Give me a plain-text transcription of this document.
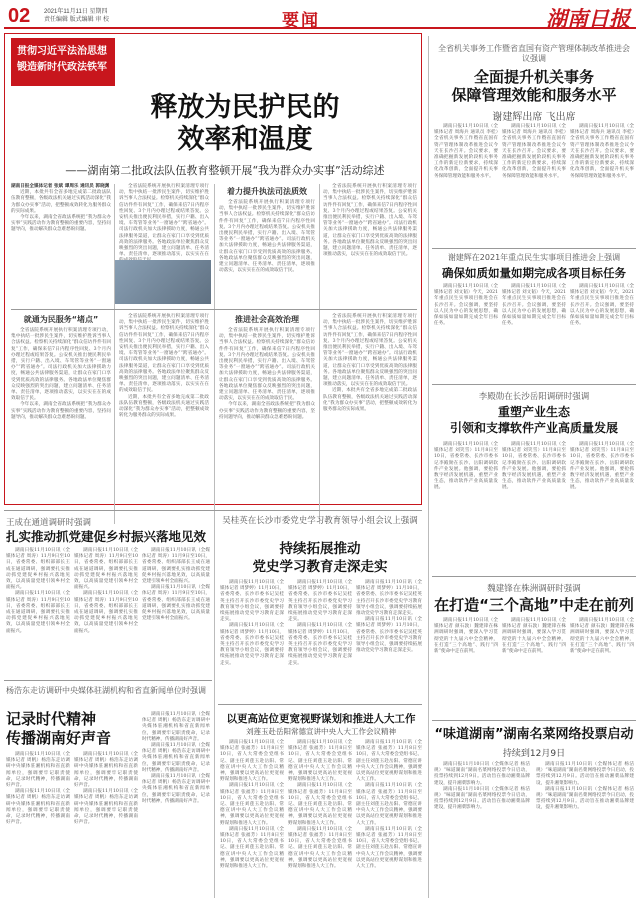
02 2021年11月11日 星期四
责任编辑 版式编辑 审 校	要闻	湖南日报
贯彻习近平法治思想
锻造新时代政法铁军
释放为民护民的
效率和温度
——湖南第二批政法队伍教育整顿开展“我为群众办实事”活动综述

湖南日报全媒体记者 张斌 谭周乐 通讯员 郭晓渊

近期，本批共有全省多地完成第二批政法队伍教育整顿，各级政法机关通过实践活动深化“我为群众办实事”活动，把整顿成效转化为服务群众的实际成果。

今年以来，湖南全省政法系统把“我为群众办实事”实践活动作为教育整顿的重要内容，坚持问题导向，推动解决群众急难愁盼问题。

全省法院系统开展执行积案清理专项行动，集中执结一批涉民生案件，切实维护胜诉当事人合法权益。检察机关持续深化“群众信访件件有回复”工作，确保来信7日内程序性回复、3个月内办理过程或结果答复。公安机关推出便民利民举措，实行户籍、出入境、车驾管等业务“一窗通办”“跨省通办”。司法行政机关加大法律援助力度，畅通公共法律服务渠道，让群众在家门口享受到优质高效的法律服务。各地政法单位聚焦群众反映强烈的突出问题，建立问题清单、任务清单、责任清单，逐项推动落实，以实实在在

着力提升执法司法质效

全省法院系统开展执行积案清理专项行动，集中执结一批涉民生案件，切实维护胜诉当事人合法权益。检察机关持续深化“群众信访件件有回复”工作，确保来信7日内程序性回复、3个月内办理过程或结果答复。公安机关推出便民利民举措，实行户籍、出入境、车驾管等业务“一窗通办”“跨省通办”。司法行政机关加大法律援助力度，畅通公共法律服务渠道，让群众在家门口享受到优质高效的法律服务。各地政法单位聚焦群众反映强烈的突出问题，建立问题清单、任务清单、责任清单，逐项推动落实，以实实在在的成效取信于民。

全省法院系统开展执行积案清理专项行动，集中执结一批涉民生案件，切实维护胜诉当事人合法权益。检察机关持续深化“群众信访件件有回复”工作，确保来信7日内程序性回复、3个月内办理过程或结果答复。公安机关推出便民利民举措，实行户籍、出入境、车驾管等业务“一窗通办”“跨省通办”。司法行政机关加大法律援助力度，畅通公共法律服务渠道，让群众在家门口享受到优质高效的法律服务。各地政法单位聚焦群众反映强烈的突出问题，建立问题清单、任务清单、责任清单，逐项推动落实，以实实在在的成效取信于民。

就通为民服务“堵点”	推进社会高效治理

全省法院系统开展执行积案清理专项行动，集中执结一批涉民生案件，切实维护胜诉当事人合法权益。检察机关持续深化“群众信访件件有回复”工作，确保来信7日内程序性回复、3个月内办理过程或结果答复。公安机关推出便民利民举措，实行户籍、出入境、车驾管等业务“一窗通办”“跨省通办”。司法行政机关加大法律援助力度，畅通公共法律服务渠道，让群众在家门口享受到优质高效的法律服务。各地政法单位聚焦群众反映强烈的突出问题，建立问题清单、任务清单、责任清单，逐项推动落实，以实实在在的成效取信于民。

今年以来，湖南全省政法系统把“我为群众办实事”实践活动作为教育整顿的重要内容，坚持问题导向，推动解决群众急难愁盼问题。

全省法院系统开展执行积案清理专项行动，集中执结一批涉民生案件，切实维护胜诉当事人合法权益。检察机关持续深化“群众信访件件有回复”工作，确保来信7日内程序性回复、3个月内办理过程或结果答复。公安机关推出便民利民举措，实行户籍、出入境、车驾管等业务“一窗通办”“跨省通办”。司法行政机关加大法律援助力度，畅通公共法律服务渠道，让群众在家门口享受到优质高效的法律服务。各地政法单位聚焦群众反映强烈的突出问题，建立问题清单、任务清单、责任清单，逐项推动落实，以实实在在的成效取信于民。

近期，本批共有全省多地完成第二批政法队伍教育整顿，各级政法机关通过实践活动深化“我为群众办实事”活动，把整顿成效转化为服务群众的实际成果。

全省法院系统开展执行积案清理专项行动，集中执结一批涉民生案件，切实维护胜诉当事人合法权益。检察机关持续深化“群众信访件件有回复”工作，确保来信7日内程序性回复、3个月内办理过程或结果答复。公安机关推出便民利民举措，实行户籍、出入境、车驾管等业务“一窗通办”“跨省通办”。司法行政机关加大法律援助力度，畅通公共法律服务渠道，让群众在家门口享受到优质高效的法律服务。各地政法单位聚焦群众反映强烈的突出问题，建立问题清单、任务清单、责任清单，逐项推动落实，以实实在在的成效取信于民。

今年以来，湖南全省政法系统把“我为群众办实事”实践活动作为教育整顿的重要内容，坚持问题导向，推动解决群众急难愁盼问题。

全省法院系统开展执行积案清理专项行动，集中执结一批涉民生案件，切实维护胜诉当事人合法权益。检察机关持续深化“群众信访件件有回复”工作，确保来信7日内程序性回复、3个月内办理过程或结果答复。公安机关推出便民利民举措，实行户籍、出入境、车驾管等业务“一窗通办”“跨省通办”。司法行政机关加大法律援助力度，畅通公共法律服务渠道，让群众在家门口享受到优质高效的法律服务。各地政法单位聚焦群众反映强烈的突出问题，建立问题清单、任务清单、责任清单，逐项推动落实，以实实在在的成效取信于民。

近期，本批共有全省多地完成第二批政法队伍教育整顿，各级政法机关通过实践活动深化“我为群众办实事”活动，把整顿成效转化为服务群众的实际成果。

全省机关事务工作暨省直国有资产管理体制改革推进会议强调
全面提升机关事务
保障管理效能和服务水平
谢建辉出席 飞出席

湖南日报11月10日讯（全媒体记者 周海兵 通讯员 李桂）全省机关事务工作暨省直国有资产管理体制改革推进会议今天在长沙召开。会议要求，要准确把握新发展阶段机关事务工作的新定位新要求，持续深化改革创新，全面提升机关事务保障管理效能和服务水平。

湖南日报11月10日讯（全媒体记者 周海兵 通讯员 李桂）全省机关事务工作暨省直国有资产管理体制改革推进会议今天在长沙召开。会议要求，要准确把握新发展阶段机关事务工作的新定位新要求，持续深化改革创新，全面提升机关事务保障管理效能和服务水平。

湖南日报11月10日讯（全媒体记者 周海兵 通讯员 李桂）全省机关事务工作暨省直国有资产管理体制改革推进会议今天在长沙召开。会议要求，要准确把握新发展阶段机关事务工作的新定位新要求，持续深化改革创新，全面提升机关事务保障管理效能和服务水平。

谢建辉在2021年重点民生实事项目推进会上强调
确保如质如量如期完成各项目标任务

湖南日报11月10日讯（全媒体记者 刘文韬）今天，2021年重点民生实事项目推进会在长沙召开。会议强调，要坚持以人民为中心的发展思想，确保如质如量如期完成全年目标任务。

湖南日报11月10日讯（全媒体记者 刘文韬）今天，2021年重点民生实事项目推进会在长沙召开。会议强调，要坚持以人民为中心的发展思想，确保如质如量如期完成全年目标任务。

湖南日报11月10日讯（全媒体记者 刘文韬）今天，2021年重点民生实事项目推进会在长沙召开。会议强调，要坚持以人民为中心的发展思想，确保如质如量如期完成全年目标任务。

李殿勋在长沙岳阳调研时强调
重塑产业生态
引领和支撑软件产业高质量发展

湖南日报11月10日讯（全媒体记者 刘笑雪）11月8日至10日，省委常委、长沙市委书记李殿勋在长沙、岳阳调研软件产业发展。他强调，要抢抓数字经济发展机遇，重塑产业生态，推动软件产业高质量发展。

湖南日报11月10日讯（全媒体记者 刘笑雪）11月8日至10日，省委常委、长沙市委书记李殿勋在长沙、岳阳调研软件产业发展。他强调，要抢抓数字经济发展机遇，重塑产业生态，推动软件产业高质量发展。

湖南日报11月10日讯（全媒体记者 刘笑雪）11月8日至10日，省委常委、长沙市委书记李殿勋在长沙、岳阳调研软件产业发展。他强调，要抢抓数字经济发展机遇，重塑产业生态，推动软件产业高质量发展。

魏建锋在株洲调研时强调
在打造“三个高地”中走在前列

湖南日报11月10日讯（全媒体记者 颜石敦）魏建锋在株洲调研时强调，要深入学习贯彻党的十九届六中全会精神，在打造“三个高地”、践行“四新”使命中走在前列。

湖南日报11月10日讯（全媒体记者 颜石敦）魏建锋在株洲调研时强调，要深入学习贯彻党的十九届六中全会精神，在打造“三个高地”、践行“四新”使命中走在前列。

湖南日报11月10日讯（全媒体记者 颜石敦）魏建锋在株洲调研时强调，要深入学习贯彻党的十九届六中全会精神，在打造“三个高地”、践行“四新”使命中走在前列。

“味道湖南”湖南名菜网络投票启动
持续到12月9日

湖南日报11月10日讯（全媒体记者 杨洁规）“味道湖南”湖南名菜网络投票今日启动，投票持续到12月9日。活动旨在推动湘菜品牌建设，提升湘菜影响力。

湖南日报11月10日讯（全媒体记者 杨洁规）“味道湖南”湖南名菜网络投票今日启动，投票持续到12月9日。活动旨在推动湘菜品牌建设，提升湘菜影响力。

湖南日报11月10日讯（全媒体记者 杨洁规）“味道湖南”湖南名菜网络投票今日启动，投票持续到12月9日。活动旨在推动湘菜品牌建设，提升湘菜影响力。

湖南日报11月10日讯（全媒体记者 杨洁规）“味道湖南”湖南名菜网络投票今日启动，投票持续到12月9日。活动旨在推动湘菜品牌建设，提升湘菜影响力。

王成在通道调研时强调
扎实推动抓党建促乡村振兴落地见效

湖南日报11月10日讯（全媒体记者 周涛）11月9日至10日，省委常委、组织部部长王成在通道调研，强调要扎实推动抓党建促乡村振兴落地见效，以高质量党建引领乡村全面振兴。

湖南日报11月10日讯（全媒体记者 周涛）11月9日至10日，省委常委、组织部部长王成在通道调研，强调要扎实推动抓党建促乡村振兴落地见效，以高质量党建引领乡村全面振兴。

湖南日报11月10日讯（全媒体记者 周涛）11月9日至10日，省委常委、组织部部长王成在通道调研，强调要扎实推动抓党建促乡村振兴落地见效，以高质量党建引领乡村全面振兴。

湖南日报11月10日讯（全媒体记者 周涛）11月9日至10日，省委常委、组织部部长王成在通道调研，强调要扎实推动抓党建促乡村振兴落地见效，以高质量党建引领乡村全面振兴。

湖南日报11月10日讯（全媒体记者 周涛）11月9日至10日，省委常委、组织部部长王成在通道调研，强调要扎实推动抓党建促乡村振兴落地见效，以高质量党建引领乡村全面振兴。

湖南日报11月10日讯（全媒体记者 周涛）11月9日至10日，省委常委、组织部部长王成在通道调研，强调要扎实推动抓党建促乡村振兴落地见效，以高质量党建引领乡村全面振兴。

杨浩东走访调研中央媒体驻湖机构和省直新闻单位时强调
记录时代精神
传播湖南好声音

湖南日报11月10日讯（全媒体记者 周帆）杨浩东走访调研中央媒体驻湘机构和省直新闻单位，强调要牢记职责使命，记录时代精神，传播湖南好声音。

湖南日报11月10日讯（全媒体记者 周帆）杨浩东走访调研中央媒体驻湘机构和省直新闻单位，强调要牢记职责使命，记录时代精神，传播湖南好声音。

湖南日报11月10日讯（全媒体记者 周帆）杨浩东走访调研中央媒体驻湘机构和省直新闻单位，强调要牢记职责使命，记录时代精神，传播湖南好声音。

湖南日报11月10日讯（全媒体记者 周帆）杨浩东走访调研中央媒体驻湘机构和省直新闻单位，强调要牢记职责使命，记录时代精神，传播湖南好声音。

湖南日报11月10日讯（全媒体记者 周帆）杨浩东走访调研中央媒体驻湘机构和省直新闻单位，强调要牢记职责使命，记录时代精神，传播湖南好声音。

湖南日报11月10日讯（全媒体记者 周帆）杨浩东走访调研中央媒体驻湘机构和省直新闻单位，强调要牢记职责使命，记录时代精神，传播湖南好声音。

湖南日报11月10日讯（全媒体记者 周帆）杨浩东走访调研中央媒体驻湘机构和省直新闻单位，强调要牢记职责使命，记录时代精神，传播湖南好声音。

吴桂英在长沙市委党史学习教育领导小组会议上强调
持续拓展推动
党史学习教育走深走实

湖南日报11月10日讯（全媒体记者 周梦婷）11月10日，省委常委、长沙市委书记吴桂英主持召开长沙市委党史学习教育领导小组会议，强调要持续拓展推动党史学习教育走深走实。

湖南日报11月10日讯（全媒体记者 周梦婷）11月10日，省委常委、长沙市委书记吴桂英主持召开长沙市委党史学习教育领导小组会议，强调要持续拓展推动党史学习教育走深走实。

湖南日报11月10日讯（全媒体记者 周梦婷）11月10日，省委常委、长沙市委书记吴桂英主持召开长沙市委党史学习教育领导小组会议，强调要持续拓展推动党史学习教育走深走实。

湖南日报11月10日讯（全媒体记者 周梦婷）11月10日，省委常委、长沙市委书记吴桂英主持召开长沙市委党史学习教育领导小组会议，强调要持续拓展推动党史学习教育走深走实。

湖南日报11月10日讯（全媒体记者 周梦婷）11月10日，省委常委、长沙市委书记吴桂英主持召开长沙市委党史学习教育领导小组会议，强调要持续拓展推动党史学习教育走深走实。

湖南日报11月10日讯（全媒体记者 周梦婷）11月10日，省委常委、长沙市委书记吴桂英主持召开长沙市委党史学习教育领导小组会议，强调要持续拓展推动党史学习教育走深走实。

以更高站位更宽视野谋划和推进人大工作
刘莲玉赴岳阳常德宣讲中央人大工作会议精神

湖南日报11月10日讯（全媒体记者 张福芳）11月8日至10日，省人大常委会党组书记、副主任刘莲玉赴岳阳、常德宣讲中央人大工作会议精神，强调要以更高站位更宽视野谋划和推进人大工作。

湖南日报11月10日讯（全媒体记者 张福芳）11月8日至10日，省人大常委会党组书记、副主任刘莲玉赴岳阳、常德宣讲中央人大工作会议精神，强调要以更高站位更宽视野谋划和推进人大工作。

湖南日报11月10日讯（全媒体记者 张福芳）11月8日至10日，省人大常委会党组书记、副主任刘莲玉赴岳阳、常德宣讲中央人大工作会议精神，强调要以更高站位更宽视野谋划和推进人大工作。

湖南日报11月10日讯（全媒体记者 张福芳）11月8日至10日，省人大常委会党组书记、副主任刘莲玉赴岳阳、常德宣讲中央人大工作会议精神，强调要以更高站位更宽视野谋划和推进人大工作。

湖南日报11月10日讯（全媒体记者 张福芳）11月8日至10日，省人大常委会党组书记、副主任刘莲玉赴岳阳、常德宣讲中央人大工作会议精神，强调要以更高站位更宽视野谋划和推进人大工作。

湖南日报11月10日讯（全媒体记者 张福芳）11月8日至10日，省人大常委会党组书记、副主任刘莲玉赴岳阳、常德宣讲中央人大工作会议精神，强调要以更高站位更宽视野谋划和推进人大工作。

湖南日报11月10日讯（全媒体记者 张福芳）11月8日至10日，省人大常委会党组书记、副主任刘莲玉赴岳阳、常德宣讲中央人大工作会议精神，强调要以更高站位更宽视野谋划和推进人大工作。

湖南日报11月10日讯（全媒体记者 张福芳）11月8日至10日，省人大常委会党组书记、副主任刘莲玉赴岳阳、常德宣讲中央人大工作会议精神，强调要以更高站位更宽视野谋划和推进人大工作。

湖南日报11月10日讯（全媒体记者 张福芳）11月8日至10日，省人大常委会党组书记、副主任刘莲玉赴岳阳、常德宣讲中央人大工作会议精神，强调要以更高站位更宽视野谋划和推进人大工作。
